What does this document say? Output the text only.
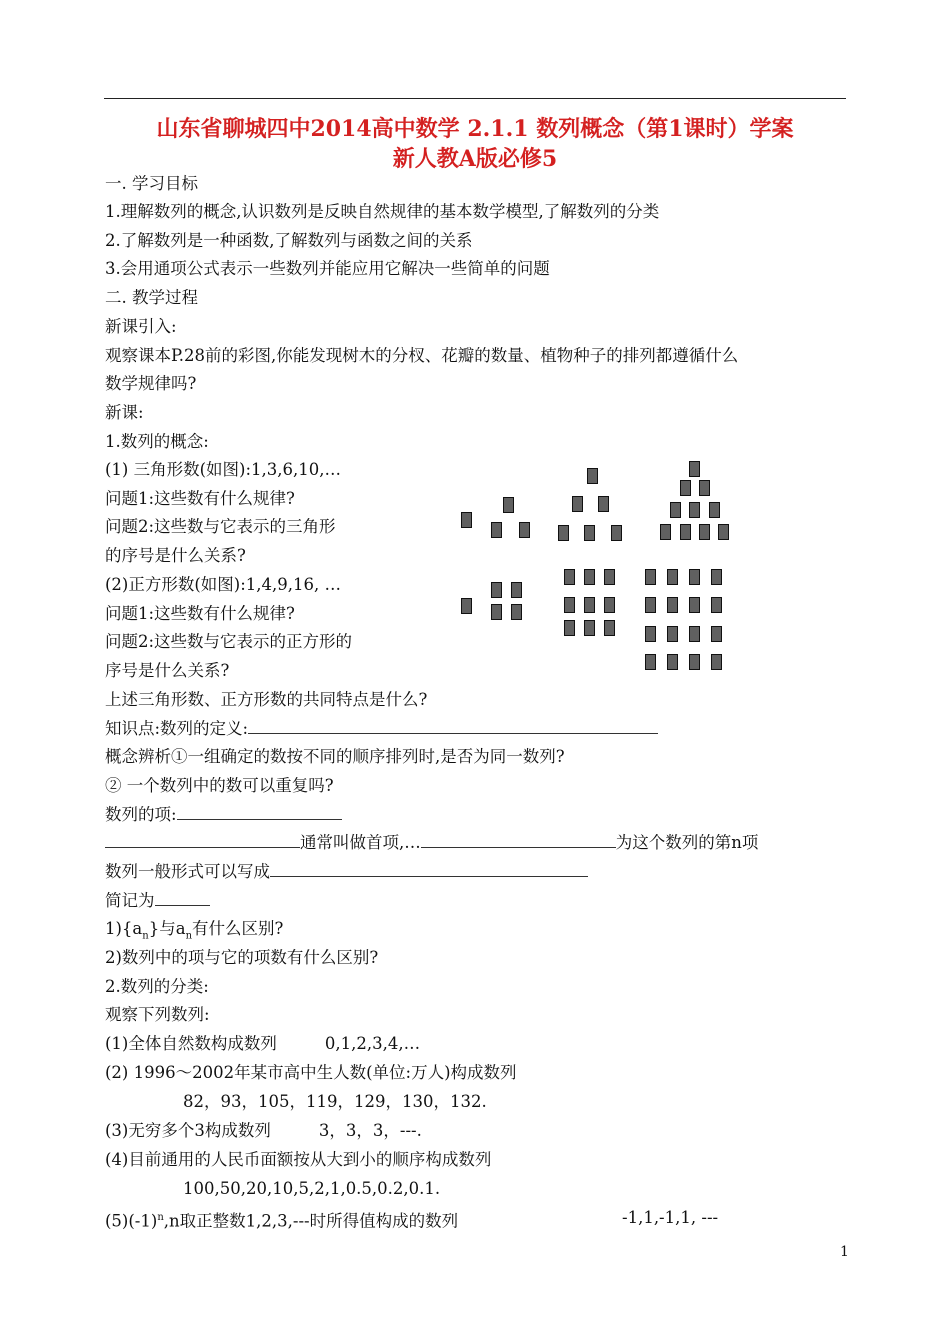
山东省聊城四中2014高中数学 2.1.1 数列概念（第1课时）学案
新人教A版必修5
一. 学习目标
1.理解数列的概念,认识数列是反映自然规律的基本数学模型,了解数列的分类
2.了解数列是一种函数,了解数列与函数之间的关系
3.会用通项公式表示一些数列并能应用它解决一些简单的问题
二. 教学过程
新课引入:
观察课本P.28前的彩图,你能发现树木的分杈、花瓣的数量、植物种子的排列都遵循什么
数学规律吗?
新课:
1.数列的概念:
(1) 三角形数(如图):1,3,6,10,…
问题1:这些数有什么规律?
问题2:这些数与它表示的三角形
的序号是什么关系?
(2)正方形数(如图):1,4,9,16, …
问题1:这些数有什么规律?
问题2:这些数与它表示的正方形的
序号是什么关系?
上述三角形数、正方形数的共同特点是什么?
知识点:数列的定义:
概念辨析①一组确定的数按不同的顺序排列时,是否为同一数列?
② 一个数列中的数可以重复吗?
数列的项:
通常叫做首项,…	为这个数列的第n项
数列一般形式可以写成
简记为
$1)\{a_n\}$与$a_n$有什么区别?
2)数列中的项与它的项数有什么区别?
2.数列的分类:
观察下列数列:
(1)全体自然数构成数列	0,1,2,3,4,…
(2) 1996～2002年某市高中生人数(单位:万人)构成数列
82，93，105，119，129，130，132.
(3)无穷多个3构成数列	3，3，3，---.
(4)目前通用的人民币面额按从大到小的顺序构成数列
100,50,20,10,5,2,1,0.5,0.2,0.1.
$(5)(-1)^n,n$取正整数1,2,3,---时所得值构成的数列	-1,1,-1,1, ---
1
